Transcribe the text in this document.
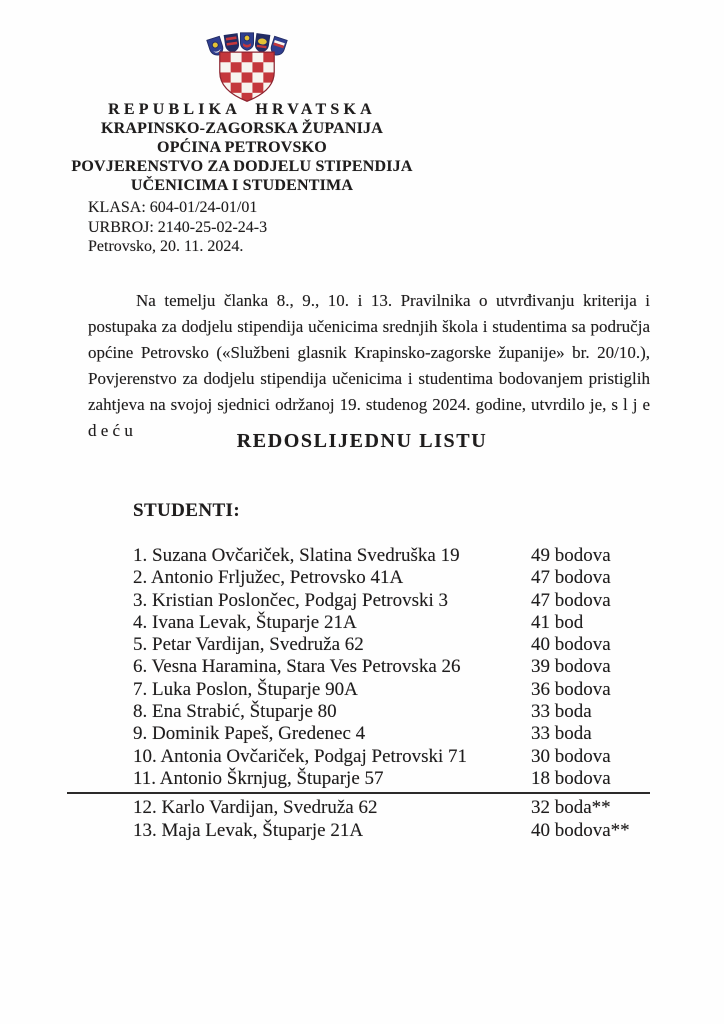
REPUBLIKA HRVATSKA
KRAPINSKO-ZAGORSKA ŽUPANIJA
OPĆINA PETROVSKO
POVJERENSTVO ZA DODJELU STIPENDIJA
UČENICIMA I STUDENTIMA
KLASA: 604-01/24-01/01
URBROJ: 2140-25-02-24-3
Petrovsko, 20. 11. 2024.
Na temelju članka 8., 9., 10. i 13. Pravilnika o utvrđivanju kriterija i postupaka za dodjelu stipendija učenicima srednjih škola i studentima sa područja općine Petrovsko («Službeni glasnik Krapinsko-zagorske županije» br. 20/10.), Povjerenstvo za dodjelu stipendija učenicima i studentima bodovanjem pristiglih zahtjeva na svojoj sjednici održanoj 19. studenog 2024. godine, utvrdilo je, s l j e d e ć u	REDOSLIJEDNU LISTU
STUDENTI:
1. Suzana Ovčariček, Slatina Svedruška 19	49 bodova
2. Antonio Frljužec, Petrovsko 41A	47 bodova
3. Kristian Poslončec, Podgaj Petrovski 3	47 bodova
4. Ivana Levak, Štuparje 21A	41 bod
5. Petar Vardijan, Svedruža 62	40 bodova
6. Vesna Haramina, Stara Ves Petrovska 26	39 bodova
7. Luka Poslon, Štuparje 90A	36 bodova
8. Ena Strabić, Štuparje 80	33 boda
9. Dominik Papeš, Gredenec 4	33 boda
10. Antonia Ovčariček, Podgaj Petrovski 71	30 bodova
11. Antonio Škrnjug, Štuparje 57	18 bodova
12. Karlo Vardijan, Svedruža 62	32 boda**
13. Maja Levak, Štuparje 21A	40 bodova**
